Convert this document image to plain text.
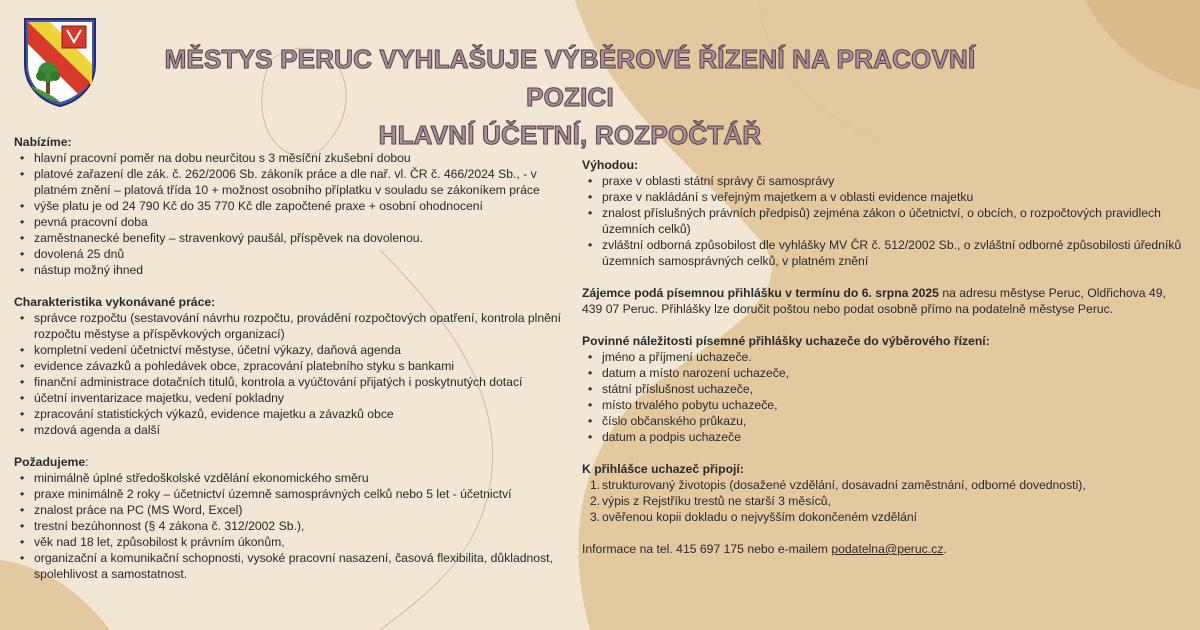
MĚSTYS PERUC VYHLAŠUJE VÝBĚROVÉ ŘÍZENÍ NA PRACOVNÍ POZICI
HLAVNÍ ÚČETNÍ, ROZPOČTÁŘ

Nabízíme:

• hlavní pracovní poměr na dobu neurčitou s 3 měsíční zkušební dobou
• platové zařazení dle zák. č. 262/2006 Sb. zákoník práce a dle nař. vl. ČR č. 466/2024 Sb., - v platném znění – platová třída 10 + možnost osobního příplatku v souladu se zákoníkem práce
• výše platu je od 24 790 Kč do 35 770 Kč dle započtené praxe + osobní ohodnocení
• pevná pracovní doba
• zaměstnanecké benefity – stravenkový paušál, příspěvek na dovolenou.
• dovolená 25 dnů
• nástup možný ihned

Charakteristika vykonávané práce:

• správce rozpočtu (sestavování návrhu rozpočtu, provádění rozpočtových opatření, kontrola plnění rozpočtu městyse a příspěvkových organizací)
• kompletní vedení účetnictví městyse, účetní výkazy, daňová agenda
• evidence závazků a pohledávek obce, zpracování platebního styku s bankami
• finanční administrace dotačních titulů, kontrola a vyúčtování přijatých i poskytnutých dotací
• účetní inventarizace majetku, vedení pokladny
• zpracování statistických výkazů, evidence majetku a závazků obce
• mzdová agenda a další

Požadujeme:

• minimálně úplné středoškolské vzdělání ekonomického směru
• praxe minimálně 2 roky – účetnictví územně samosprávných celků nebo 5 let - účetnictví
• znalost práce na PC (MS Word, Excel)
• trestní bezúhonnost (§ 4 zákona č. 312/2002 Sb.),
• věk nad 18 let, způsobilost k právním úkonům,
• organizační a komunikační schopnosti, vysoké pracovní nasazení, časová flexibilita, důkladnost, spolehlivost a samostatnost.

Výhodou:

• praxe v oblasti státní správy či samosprávy
• praxe v nakládání s veřejným majetkem a v oblasti evidence majetku
• znalost příslušných právních předpisů) zejména zákon o účetnictví, o obcích, o rozpočtových pravidlech územních celků)
• zvláštní odborná způsobilost dle vyhlášky MV ČR č. 512/2002 Sb., o zvláštní odborné způsobilosti úředníků územních samosprávných celků, v platném znění

Zájemce podá písemnou přihlášku v termínu do 6. srpna 2025 na adresu městyse Peruc, Oldřichova 49, 439 07 Peruc. Přihlášky lze doručit poštou nebo podat osobně přímo na podatelně městyse Peruc.

Povinné náležitosti písemné přihlášky uchazeče do výběrového řízení:

• jméno a příjmení uchazeče.
• datum a místo narození uchazeče,
• státní příslušnost uchazeče,
• místo trvalého pobytu uchazeče,
• číslo občanského průkazu,
• datum a podpis uchazeče

K přihlášce uchazeč připojí:

1. strukturovaný životopis (dosažené vzdělání, dosavadní zaměstnání, odborné dovednosti),
2. výpis z Rejstříku trestů ne starší 3 měsíců,
3. ověřenou kopii dokladu o nejvyšším dokončeném vzdělání

Informace na tel. 415 697 175 nebo e-mailem podatelna@peruc.cz.
